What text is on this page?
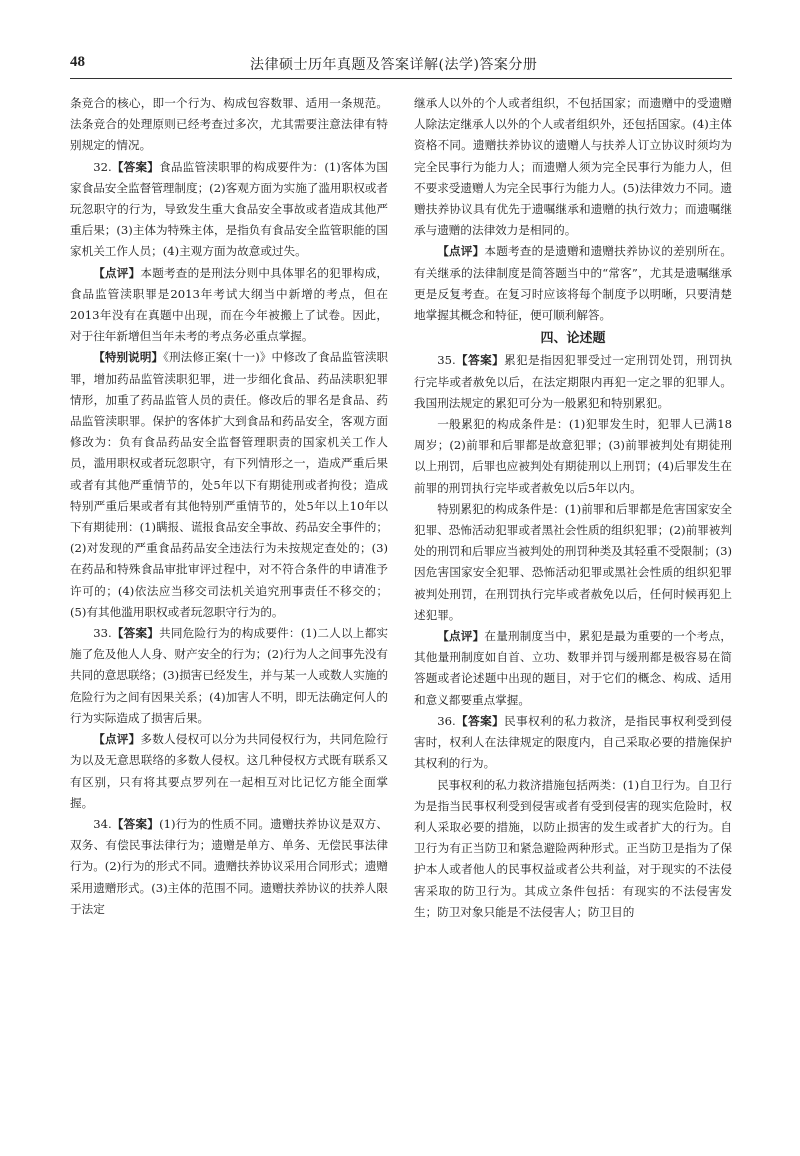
48	法律硕士历年真题及答案详解(法学)答案分册

条竞合的核心，即一个行为、构成包容数罪、适用一条规范。法条竞合的处理原则已经考查过多次，尤其需要注意法律有特别规定的情况。

32.【答案】食品监管渎职罪的构成要件为：(1)客体为国家食品安全监督管理制度；(2)客观方面为实施了滥用职权或者玩忽职守的行为，导致发生重大食品安全事故或者造成其他严重后果；(3)主体为特殊主体，是指负有食品安全监管职能的国家机关工作人员；(4)主观方面为故意或过失。

【点评】本题考查的是刑法分则中具体罪名的犯罪构成，食品监管渎职罪是2013年考试大纲当中新增的考点，但在2013年没有在真题中出现，而在今年被搬上了试卷。因此，对于往年新增但当年未考的考点务必重点掌握。

【特别说明】《刑法修正案(十一)》中修改了食品监管渎职罪，增加药品监管渎职犯罪，进一步细化食品、药品渎职犯罪情形，加重了药品监管人员的责任。修改后的罪名是食品、药品监管渎职罪。保护的客体扩大到食品和药品安全，客观方面修改为：负有食品药品安全监督管理职责的国家机关工作人员，滥用职权或者玩忽职守，有下列情形之一，造成严重后果或者有其他严重情节的，处5年以下有期徒刑或者拘役；造成特别严重后果或者有其他特别严重情节的，处5年以上10年以下有期徒刑：(1)瞒报、谎报食品安全事故、药品安全事件的；(2)对发现的严重食品药品安全违法行为未按规定查处的；(3)在药品和特殊食品审批审评过程中，对不符合条件的申请准予许可的；(4)依法应当移交司法机关追究刑事责任不移交的；(5)有其他滥用职权或者玩忽职守行为的。

33.【答案】共同危险行为的构成要件：(1)二人以上都实施了危及他人人身、财产安全的行为；(2)行为人之间事先没有共同的意思联络；(3)损害已经发生，并与某一人或数人实施的危险行为之间有因果关系；(4)加害人不明，即无法确定何人的行为实际造成了损害后果。

【点评】多数人侵权可以分为共同侵权行为，共同危险行为以及无意思联络的多数人侵权。这几种侵权方式既有联系又有区别，只有将其要点罗列在一起相互对比记忆方能全面掌握。

34.【答案】(1)行为的性质不同。遗赠扶养协议是双方、双务、有偿民事法律行为；遗赠是单方、单务、无偿民事法律行为。(2)行为的形式不同。遗赠扶养协议采用合同形式；遗赠采用遗赠形式。(3)主体的范围不同。遗赠扶养协议的扶养人限于法定

继承人以外的个人或者组织，不包括国家；而遗赠中的受遗赠人除法定继承人以外的个人或者组织外，还包括国家。(4)主体资格不同。遗赠扶养协议的遗赠人与扶养人订立协议时须均为完全民事行为能力人；而遗赠人须为完全民事行为能力人，但不要求受遗赠人为完全民事行为能力人。(5)法律效力不同。遗赠扶养协议具有优先于遗嘱继承和遗赠的执行效力；而遗嘱继承与遗赠的法律效力是相同的。

【点评】本题考查的是遗赠和遗赠扶养协议的差别所在。有关继承的法律制度是简答题当中的“常客”，尤其是遗嘱继承更是反复考查。在复习时应该将每个制度予以明晰，只要清楚地掌握其概念和特征，便可顺利解答。

四、论述题

35.【答案】累犯是指因犯罪受过一定刑罚处罚，刑罚执行完毕或者赦免以后，在法定期限内再犯一定之罪的犯罪人。我国刑法规定的累犯可分为一般累犯和特别累犯。

一般累犯的构成条件是：(1)犯罪发生时，犯罪人已满18周岁；(2)前罪和后罪都是故意犯罪；(3)前罪被判处有期徒刑以上刑罚，后罪也应被判处有期徒刑以上刑罚；(4)后罪发生在前罪的刑罚执行完毕或者赦免以后5年以内。

特别累犯的构成条件是：(1)前罪和后罪都是危害国家安全犯罪、恐怖活动犯罪或者黑社会性质的组织犯罪；(2)前罪被判处的刑罚和后罪应当被判处的刑罚种类及其轻重不受限制；(3)因危害国家安全犯罪、恐怖活动犯罪或黑社会性质的组织犯罪被判处刑罚，在刑罚执行完毕或者赦免以后，任何时候再犯上述犯罪。

【点评】在量刑制度当中，累犯是最为重要的一个考点，其他量刑制度如自首、立功、数罪并罚与缓刑都是极容易在简答题或者论述题中出现的题目，对于它们的概念、构成、适用和意义都要重点掌握。

36.【答案】民事权利的私力救济，是指民事权利受到侵害时，权利人在法律规定的限度内，自己采取必要的措施保护其权利的行为。

民事权利的私力救济措施包括两类：(1)自卫行为。自卫行为是指当民事权利受到侵害或者有受到侵害的现实危险时，权利人采取必要的措施，以防止损害的发生或者扩大的行为。自卫行为有正当防卫和紧急避险两种形式。正当防卫是指为了保护本人或者他人的民事权益或者公共利益，对于现实的不法侵害采取的防卫行为。其成立条件包括：有现实的不法侵害发生；防卫对象只能是不法侵害人；防卫目的
